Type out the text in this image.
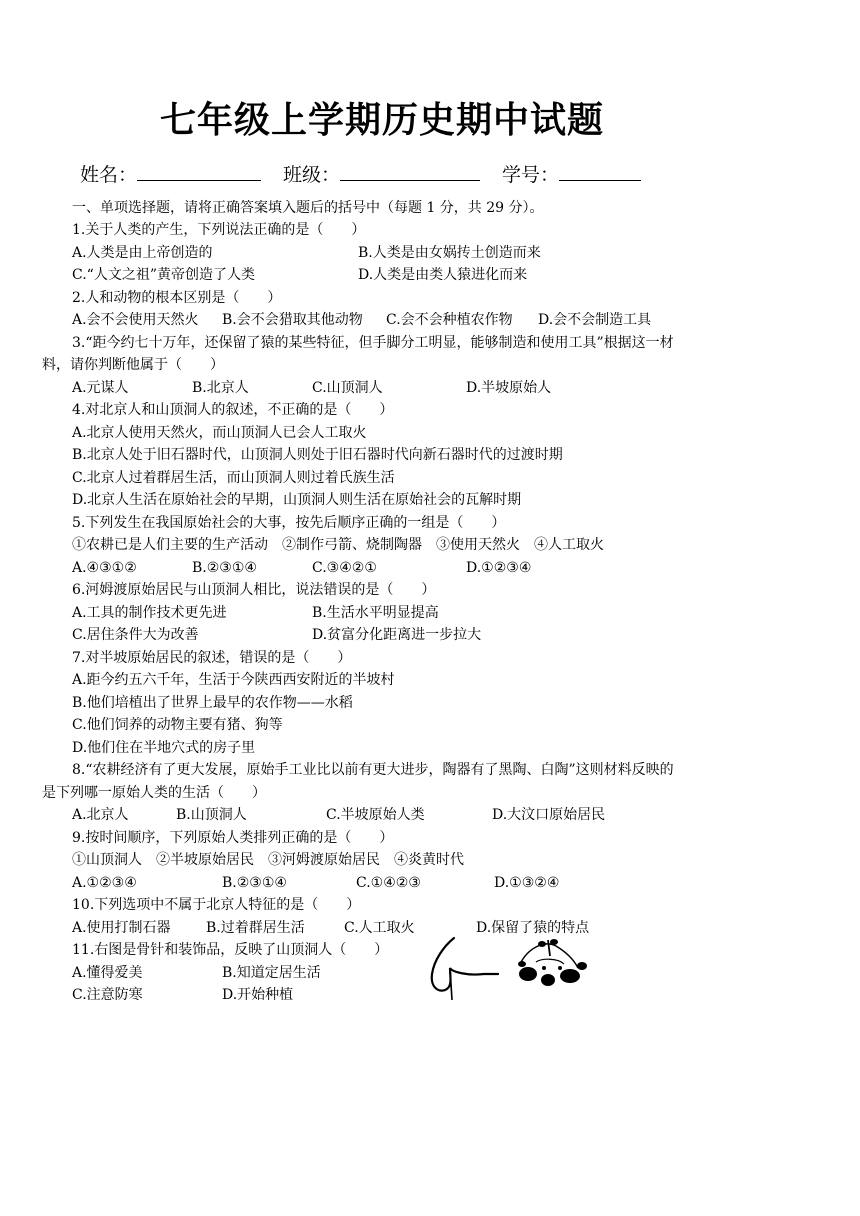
七年级上学期历史期中试题
姓名：	班级：	学号：
一、单项选择题，请将正确答案填入题后的括号中（每题 1 分，共 29 分）。
1.关于人类的产生，下列说法正确的是（　　）
A.人类是由上帝创造的	B.人类是由女娲抟土创造而来
C.“人文之祖”黄帝创造了人类	D.人类是由类人猿进化而来
2.人和动物的根本区别是（　　）
A.会不会使用天然火 B.会不会猎取其他动物 C.会不会种植农作物 D.会不会制造工具
3.“距今约七十万年，还保留了猿的某些特征，但手脚分工明显，能够制造和使用工具”根据这一材
料，请你判断他属于（　　）
A.元谋人	B.北京人	C.山顶洞人	D.半坡原始人
4.对北京人和山顶洞人的叙述，不正确的是（　　）
A.北京人使用天然火，而山顶洞人已会人工取火
B.北京人处于旧石器时代，山顶洞人则处于旧石器时代向新石器时代的过渡时期
C.北京人过着群居生活，而山顶洞人则过着氏族生活
D.北京人生活在原始社会的早期，山顶洞人则生活在原始社会的瓦解时期
5.下列发生在我国原始社会的大事，按先后顺序正确的一组是（　　）
①农耕已是人们主要的生产活动　②制作弓箭、烧制陶器　③使用天然火　④人工取火
A.④③①②	B.②③①④	C.③④②①	D.①②③④
6.河姆渡原始居民与山顶洞人相比，说法错误的是（　　）
A.工具的制作技术更先进	B.生活水平明显提高
C.居住条件大为改善	D.贫富分化距离进一步拉大
7.对半坡原始居民的叙述，错误的是（　　）
A.距今约五六千年，生活于今陕西西安附近的半坡村
B.他们培植出了世界上最早的农作物——水稻
C.他们饲养的动物主要有猪、狗等
D.他们住在半地穴式的房子里
8.“农耕经济有了更大发展，原始手工业比以前有更大进步，陶器有了黑陶、白陶”这则材料反映的
是下列哪一原始人类的生活（　　）
A.北京人	B.山顶洞人	C.半坡原始人类	D.大汶口原始居民
9.按时间顺序，下列原始人类排列正确的是（　　）
①山顶洞人　②半坡原始居民　③河姆渡原始居民　④炎黄时代
A.①②③④	B.②③①④	C.①④②③	D.①③②④
10.下列选项中不属于北京人特征的是（　　）
A.使用打制石器	B.过着群居生活	C.人工取火	D.保留了猿的特点
11.右图是骨针和装饰品，反映了山顶洞人（　　）
A.懂得爱美	B.知道定居生活
C.注意防寒	D.开始种植
